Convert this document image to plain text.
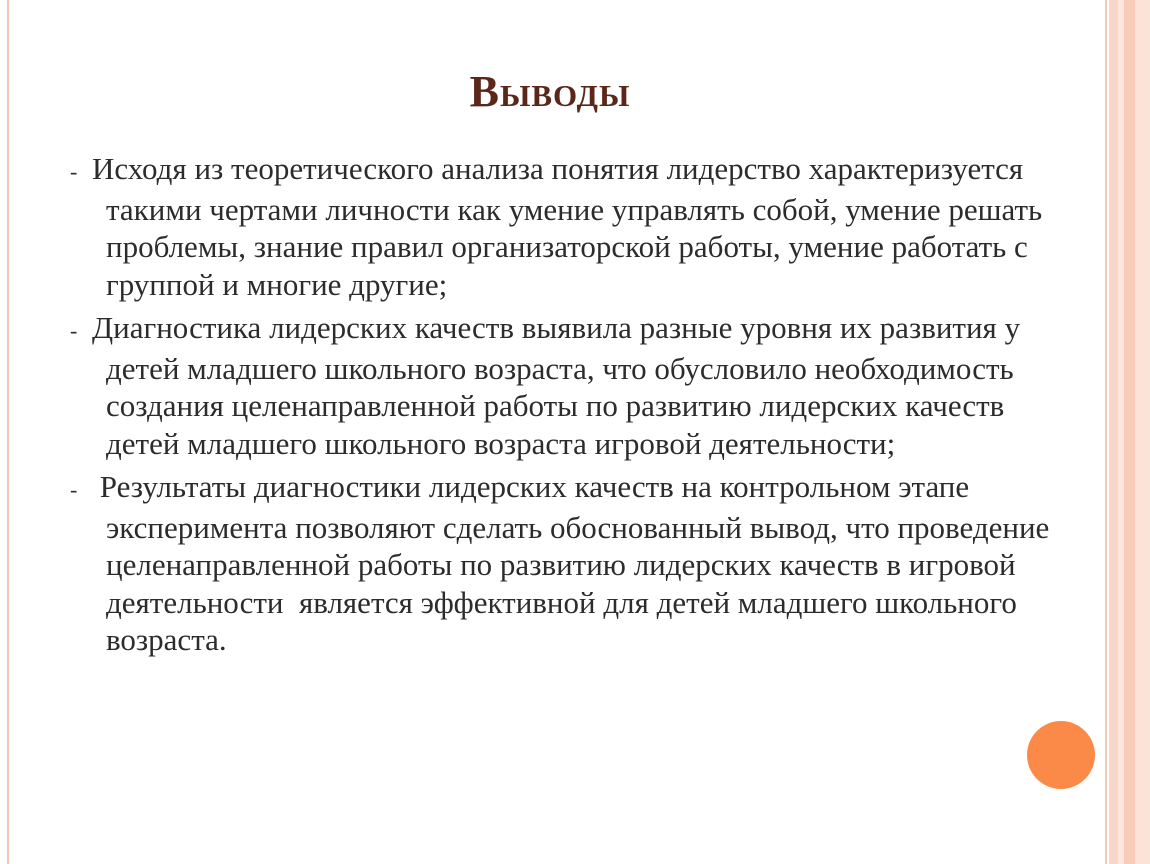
Выводы

- Исходя из теоретического анализа понятия лидерство характеризуется такими чертами личности как умение управлять собой, умение решать проблемы, знание правил организаторской работы, умение работать с группой и многие другие;

- Диагностика лидерских качеств выявила разные уровня их развития у детей младшего школьного возраста, что обусловило необходимость создания целенаправленной работы по развитию лидерских качеств детей младшего школьного возраста игровой деятельности;

- Результаты диагностики лидерских качеств на контрольном этапе эксперимента позволяют сделать обоснованный вывод, что проведение целенаправленной работы по развитию лидерских качеств в игровой деятельности  является эффективной для детей младшего школьного возраста.
